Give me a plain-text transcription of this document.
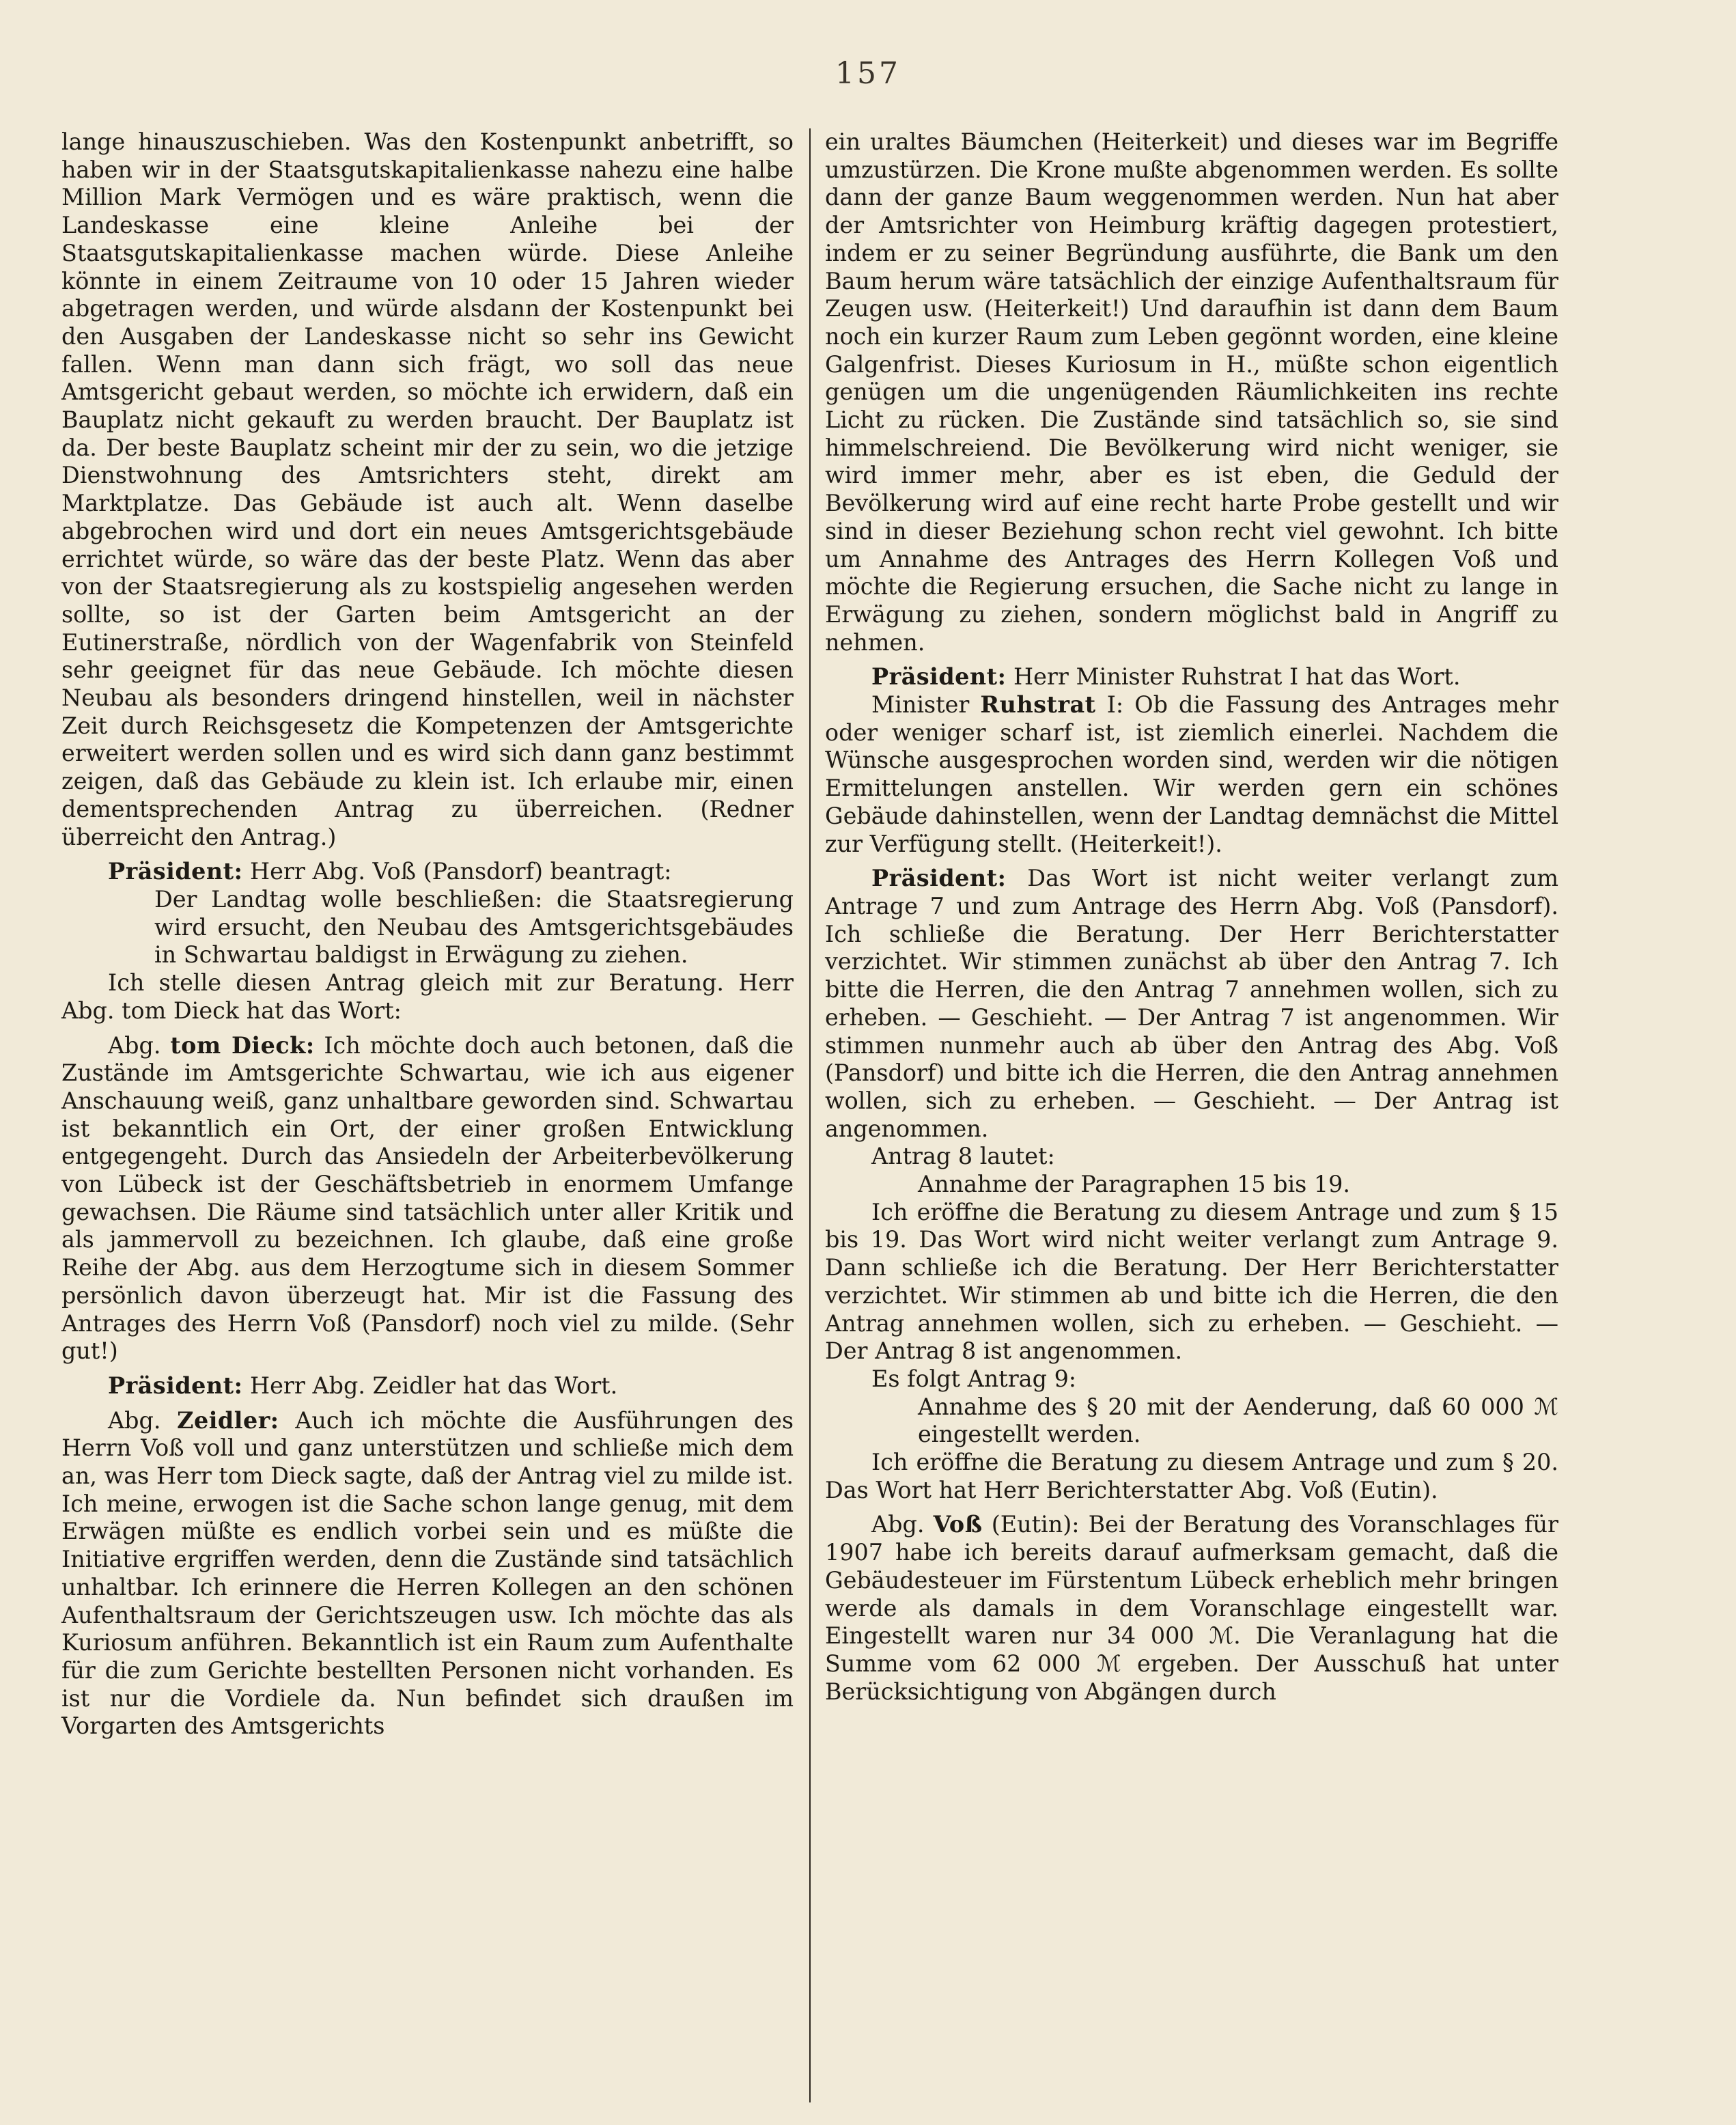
157

lange hinauszuschieben. Was den Kostenpunkt anbetrifft, so haben wir in der Staatsgutskapitalienkasse nahezu eine halbe Million Mark Vermögen und es wäre praktisch, wenn die Landeskasse eine kleine Anleihe bei der Staatsgutskapitalienkasse machen würde. Diese Anleihe könnte in einem Zeitraume von 10 oder 15 Jahren wieder abgetragen werden, und würde alsdann der Kostenpunkt bei den Ausgaben der Landeskasse nicht so sehr ins Gewicht fallen. Wenn man dann sich frägt, wo soll das neue Amtsgericht gebaut werden, so möchte ich erwidern, daß ein Bauplatz nicht gekauft zu werden braucht. Der Bauplatz ist da. Der beste Bauplatz scheint mir der zu sein, wo die jetzige Dienstwohnung des Amtsrichters steht, direkt am Marktplatze. Das Gebäude ist auch alt. Wenn daselbe abgebrochen wird und dort ein neues Amtsgerichtsgebäude errichtet würde, so wäre das der beste Platz. Wenn das aber von der Staatsregierung als zu kostspielig angesehen werden sollte, so ist der Garten beim Amtsgericht an der Eutinerstraße, nördlich von der Wagenfabrik von Steinfeld sehr geeignet für das neue Gebäude. Ich möchte diesen Neubau als besonders dringend hinstellen, weil in nächster Zeit durch Reichsgesetz die Kompetenzen der Amtsgerichte erweitert werden sollen und es wird sich dann ganz bestimmt zeigen, daß das Gebäude zu klein ist. Ich erlaube mir, einen dementsprechenden Antrag zu überreichen. (Redner überreicht den Antrag.)

Präsident: Herr Abg. Voß (Pansdorf) beantragt:

Der Landtag wolle beschließen: die Staatsregierung wird ersucht, den Neubau des Amtsgerichtsgebäudes in Schwartau baldigst in Erwägung zu ziehen.

Ich stelle diesen Antrag gleich mit zur Beratung. Herr Abg. tom Dieck hat das Wort:

Abg. tom Dieck: Ich möchte doch auch betonen, daß die Zustände im Amtsgerichte Schwartau, wie ich aus eigener Anschauung weiß, ganz unhaltbare geworden sind. Schwartau ist bekanntlich ein Ort, der einer großen Entwicklung entgegengeht. Durch das Ansiedeln der Arbeiterbevölkerung von Lübeck ist der Geschäftsbetrieb in enormem Umfange gewachsen. Die Räume sind tatsächlich unter aller Kritik und als jammervoll zu bezeichnen. Ich glaube, daß eine große Reihe der Abg. aus dem Herzogtume sich in diesem Sommer persönlich davon überzeugt hat. Mir ist die Fassung des Antrages des Herrn Voß (Pansdorf) noch viel zu milde. (Sehr gut!)

Präsident: Herr Abg. Zeidler hat das Wort.

Abg. Zeidler: Auch ich möchte die Ausführungen des Herrn Voß voll und ganz unterstützen und schließe mich dem an, was Herr tom Dieck sagte, daß der Antrag viel zu milde ist. Ich meine, erwogen ist die Sache schon lange genug, mit dem Erwägen müßte es endlich vorbei sein und es müßte die Initiative ergriffen werden, denn die Zustände sind tatsächlich unhaltbar. Ich erinnere die Herren Kollegen an den schönen Aufenthaltsraum der Gerichtszeugen usw. Ich möchte das als Kuriosum anführen. Bekanntlich ist ein Raum zum Aufenthalte für die zum Gerichte bestellten Personen nicht vorhanden. Es ist nur die Vordiele da. Nun befindet sich draußen im Vorgarten des Amtsgerichts

ein uraltes Bäumchen (Heiterkeit) und dieses war im Begriffe umzustürzen. Die Krone mußte abgenommen werden. Es sollte dann der ganze Baum weggenommen werden. Nun hat aber der Amtsrichter von Heimburg kräftig dagegen protestiert, indem er zu seiner Begründung ausführte, die Bank um den Baum herum wäre tatsächlich der einzige Aufenthaltsraum für Zeugen usw. (Heiterkeit!) Und daraufhin ist dann dem Baum noch ein kurzer Raum zum Leben gegönnt worden, eine kleine Galgenfrist. Dieses Kuriosum in H., müßte schon eigentlich genügen um die ungenügenden Räumlichkeiten ins rechte Licht zu rücken. Die Zustände sind tatsächlich so, sie sind himmelschreiend. Die Bevölkerung wird nicht weniger, sie wird immer mehr, aber es ist eben, die Geduld der Bevölkerung wird auf eine recht harte Probe gestellt und wir sind in dieser Beziehung schon recht viel gewohnt. Ich bitte um Annahme des Antrages des Herrn Kollegen Voß und möchte die Regierung ersuchen, die Sache nicht zu lange in Erwägung zu ziehen, sondern möglichst bald in Angriff zu nehmen.

Präsident: Herr Minister Ruhstrat I hat das Wort.

Minister Ruhstrat I: Ob die Fassung des Antrages mehr oder weniger scharf ist, ist ziemlich einerlei. Nachdem die Wünsche ausgesprochen worden sind, werden wir die nötigen Ermittelungen anstellen. Wir werden gern ein schönes Gebäude dahinstellen, wenn der Landtag demnächst die Mittel zur Verfügung stellt. (Heiterkeit!).

Präsident: Das Wort ist nicht weiter verlangt zum Antrage 7 und zum Antrage des Herrn Abg. Voß (Pansdorf). Ich schließe die Beratung. Der Herr Berichterstatter verzichtet. Wir stimmen zunächst ab über den Antrag 7. Ich bitte die Herren, die den Antrag 7 annehmen wollen, sich zu erheben. — Geschieht. — Der Antrag 7 ist angenommen. Wir stimmen nunmehr auch ab über den Antrag des Abg. Voß (Pansdorf) und bitte ich die Herren, die den Antrag annehmen wollen, sich zu erheben. — Geschieht. — Der Antrag ist angenommen.

Antrag 8 lautet:

Annahme der Paragraphen 15 bis 19.

Ich eröffne die Beratung zu diesem Antrage und zum § 15 bis 19. Das Wort wird nicht weiter verlangt zum Antrage 9. Dann schließe ich die Beratung. Der Herr Berichterstatter verzichtet. Wir stimmen ab und bitte ich die Herren, die den Antrag annehmen wollen, sich zu erheben. — Geschieht. — Der Antrag 8 ist angenommen.

Es folgt Antrag 9:

Annahme des § 20 mit der Aenderung, daß 60 000 ℳ eingestellt werden.

Ich eröffne die Beratung zu diesem Antrage und zum § 20. Das Wort hat Herr Berichterstatter Abg. Voß (Eutin).

Abg. Voß (Eutin): Bei der Beratung des Voranschlages für 1907 habe ich bereits darauf aufmerksam gemacht, daß die Gebäudesteuer im Fürstentum Lübeck erheblich mehr bringen werde als damals in dem Voranschlage eingestellt war. Eingestellt waren nur 34 000 ℳ. Die Veranlagung hat die Summe vom 62 000 ℳ ergeben. Der Ausschuß hat unter Berücksichtigung von Abgängen durch
